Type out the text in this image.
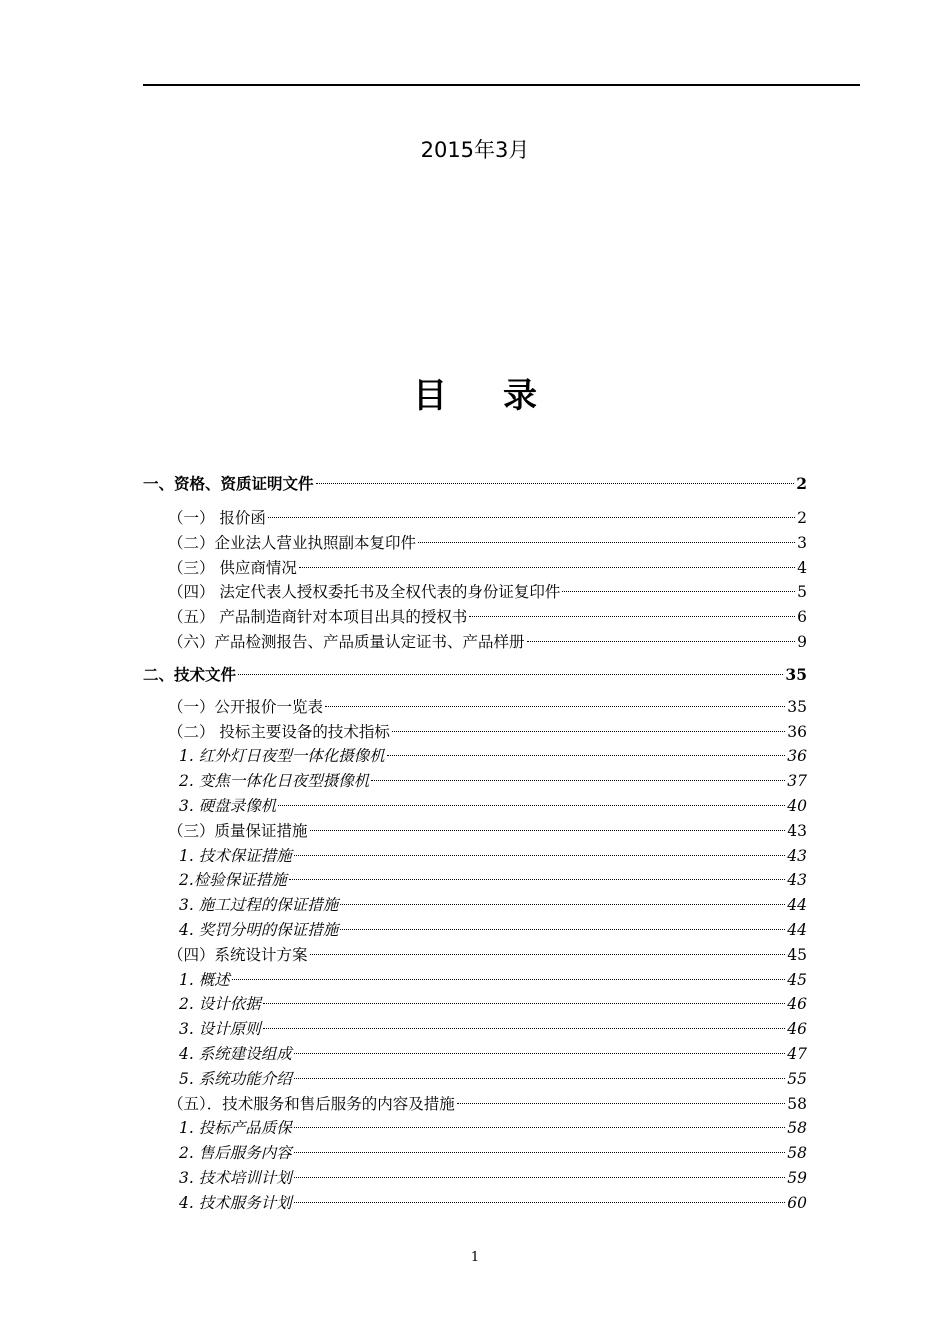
2015年3月
目录
一、资格、资质证明文件	2
（一） 报价函	2
（二）企业法人营业执照副本复印件	3
（三） 供应商情况	4
（四） 法定代表人授权委托书及全权代表的身份证复印件	5
（五） 产品制造商针对本项目出具的授权书	6
（六）产品检测报告、产品质量认定证书、产品样册	9
二、技术文件	35
（一）公开报价一览表	35
（二） 投标主要设备的技术指标	36
1. 红外灯日夜型一体化摄像机	36
2. 变焦一体化日夜型摄像机	37
3. 硬盘录像机	40
（三）质量保证措施	43
1. 技术保证措施	43
2.检验保证措施	43
3. 施工过程的保证措施	44
4. 奖罚分明的保证措施	44
（四）系统设计方案	45
1. 概述	45
2. 设计依据	46
3. 设计原则	46
4. 系统建设组成	47
5. 系统功能介绍	55
（五）．技术服务和售后服务的内容及措施	58
1. 投标产品质保	58
2. 售后服务内容	58
3. 技术培训计划	59
4. 技术服务计划	60
1
